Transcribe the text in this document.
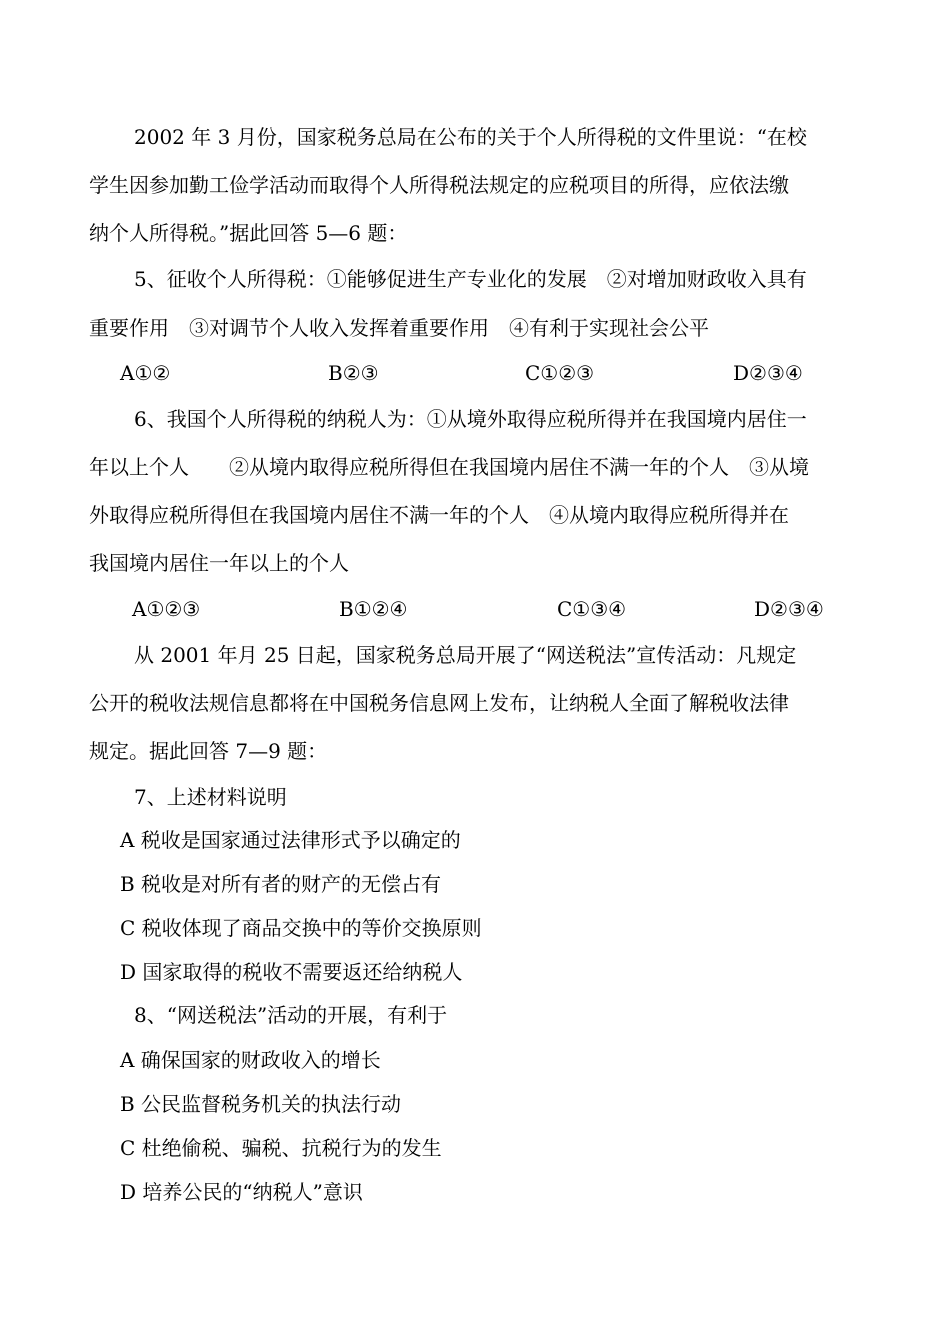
2002 年 3 月份，国家税务总局在公布的关于个人所得税的文件里说：“在校
学生因参加勤工俭学活动而取得个人所得税法规定的应税项目的所得，应依法缴
纳个人所得税。”据此回答 5—6 题：
5、征收个人所得税：①能够促进生产专业化的发展　②对增加财政收入具有
重要作用　③对调节个人收入发挥着重要作用　④有利于实现社会公平
A①②	B②③	C①②③	D②③④
6、我国个人所得税的纳税人为：①从境外取得应税所得并在我国境内居住一
年以上个人　　②从境内取得应税所得但在我国境内居住不满一年的个人　③从境
外取得应税所得但在我国境内居住不满一年的个人　④从境内取得应税所得并在
我国境内居住一年以上的个人
A①②③	B①②④	C①③④	D②③④
从 2001 年月 25 日起，国家税务总局开展了“网送税法”宣传活动：凡规定
公开的税收法规信息都将在中国税务信息网上发布，让纳税人全面了解税收法律
规定。据此回答 7—9 题：
7、上述材料说明
A 税收是国家通过法律形式予以确定的
B 税收是对所有者的财产的无偿占有
C 税收体现了商品交换中的等价交换原则
D 国家取得的税收不需要返还给纳税人
8、“网送税法”活动的开展，有利于
A 确保国家的财政收入的增长
B 公民监督税务机关的执法行动
C 杜绝偷税、骗税、抗税行为的发生
D 培养公民的“纳税人”意识
